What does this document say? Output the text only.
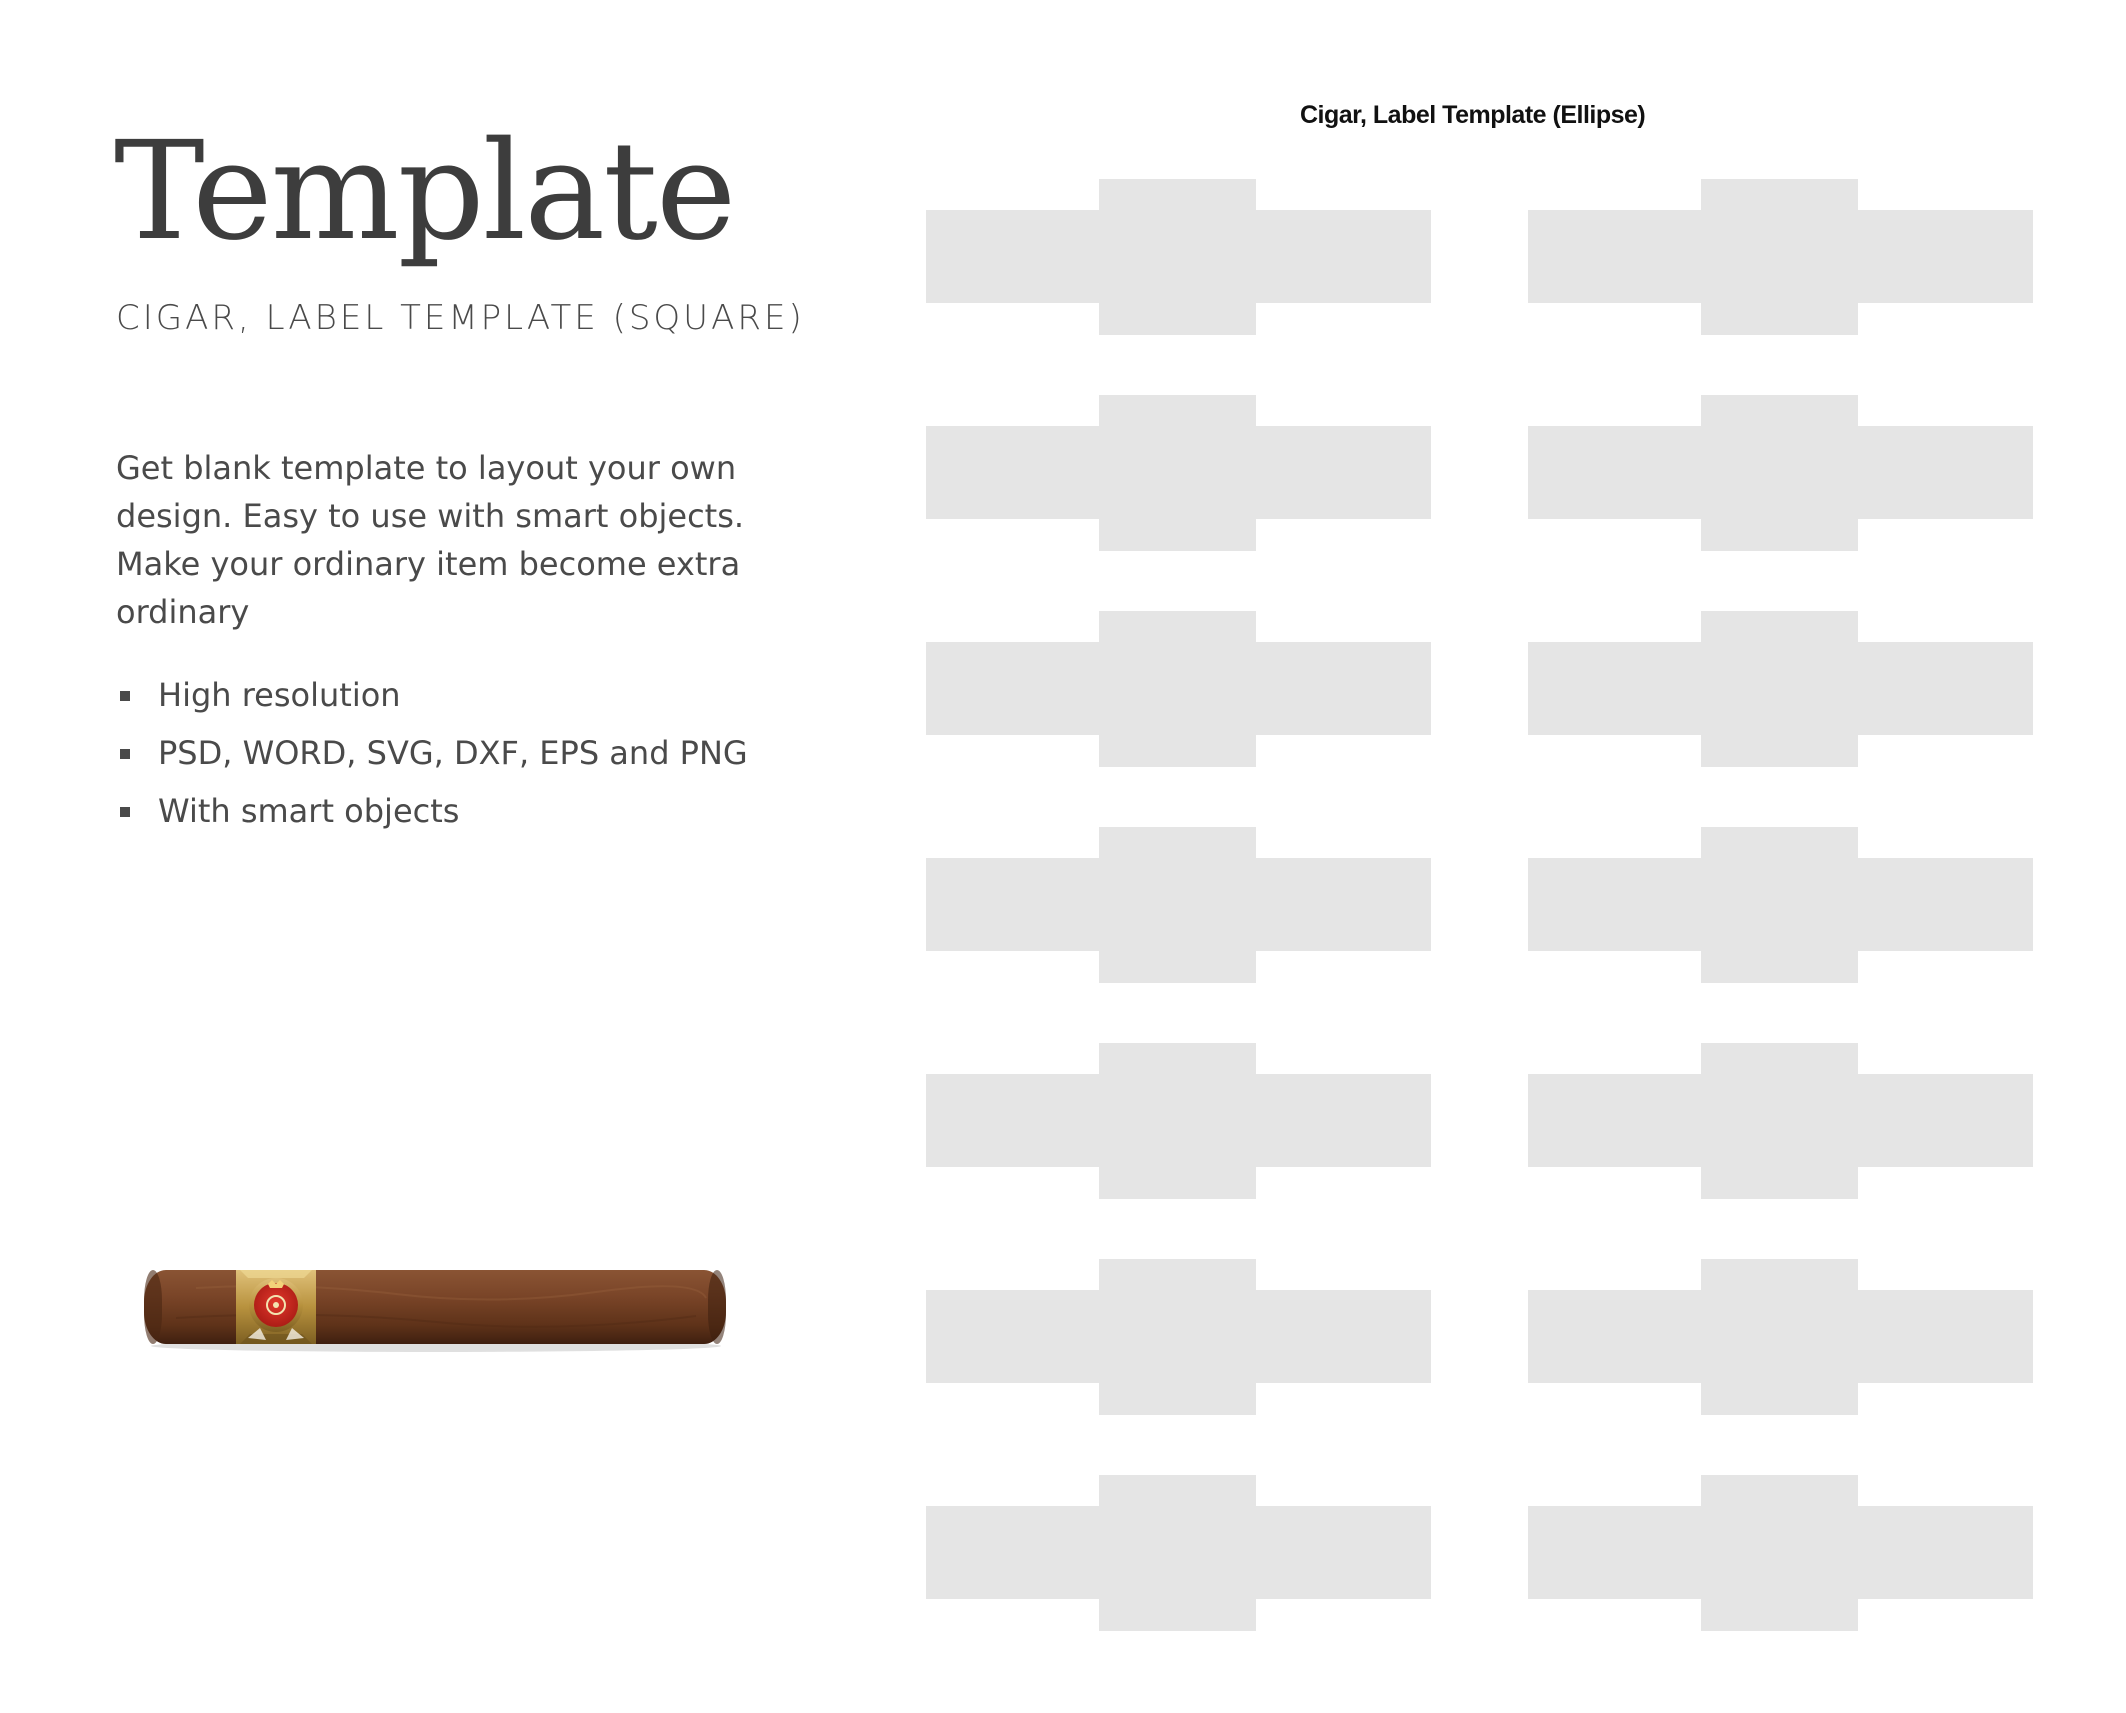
Template

CIGAR, LABEL TEMPLATE (SQUARE)

Get blank template to layout your own design. Easy to use with smart objects. Make your ordinary item become extra ordinary

High resolution
PSD, WORD, SVG, DXF, EPS and PNG
With smart objects
Cigar, Label Template (Ellipse)
